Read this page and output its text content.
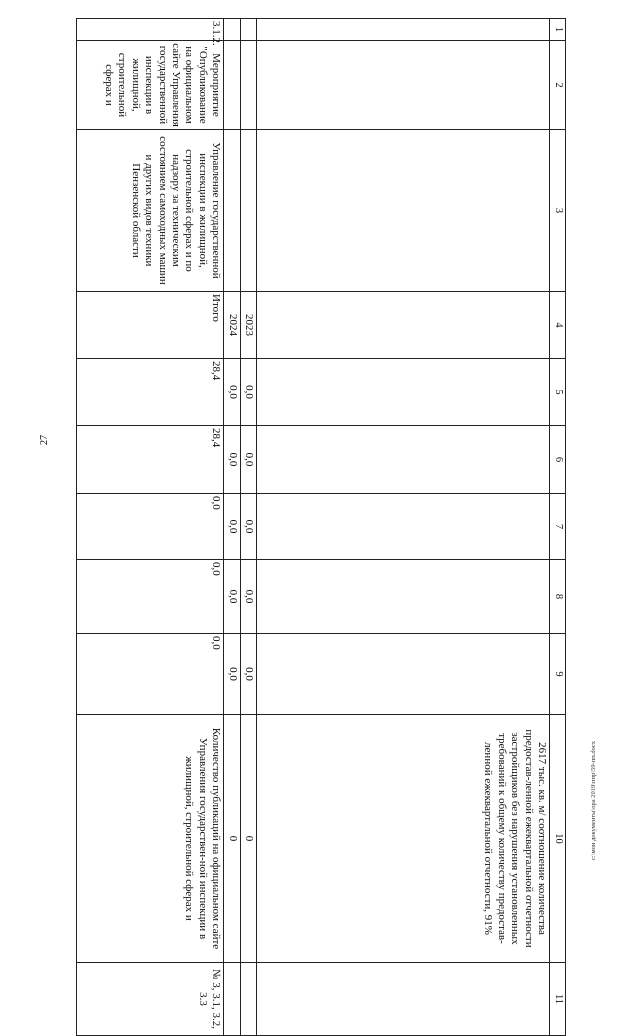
27
1	2	3	4	5	6	7	8	9	10	11
									2617 тыс. кв. м/ соотношение количества предостав-ленной ежеквартальной отчетности застройщиков без нарушения установленных требований к общему количеству предостав-ленной ежеквартальной отчетности, 91%	
			2023	0,0	0,0	0,0	0,0	0,0	0	
			2024	0,0	0,0	0,0	0,0	0,0	0	
3.1.2.	Мероприятие "Опубликование на официальном сайте Управления государственной инспекции в жилищной, строительной сферах и	Управление государственной инспекции в жилищной, строительной сферах и по надзору за техническим состоянием самоходных машин и других видов техники Пензенской области	Итого	28,4	28,4	0,0	0,0	0,0	Количество публикаций на официальном сайте Управления государствен-ной инспекции в жилищной, строительной сферах и	№ 3, 3.1, 3.2, 3.3
c:\мои документы\ора 2019\ппр\59-пп.docx
